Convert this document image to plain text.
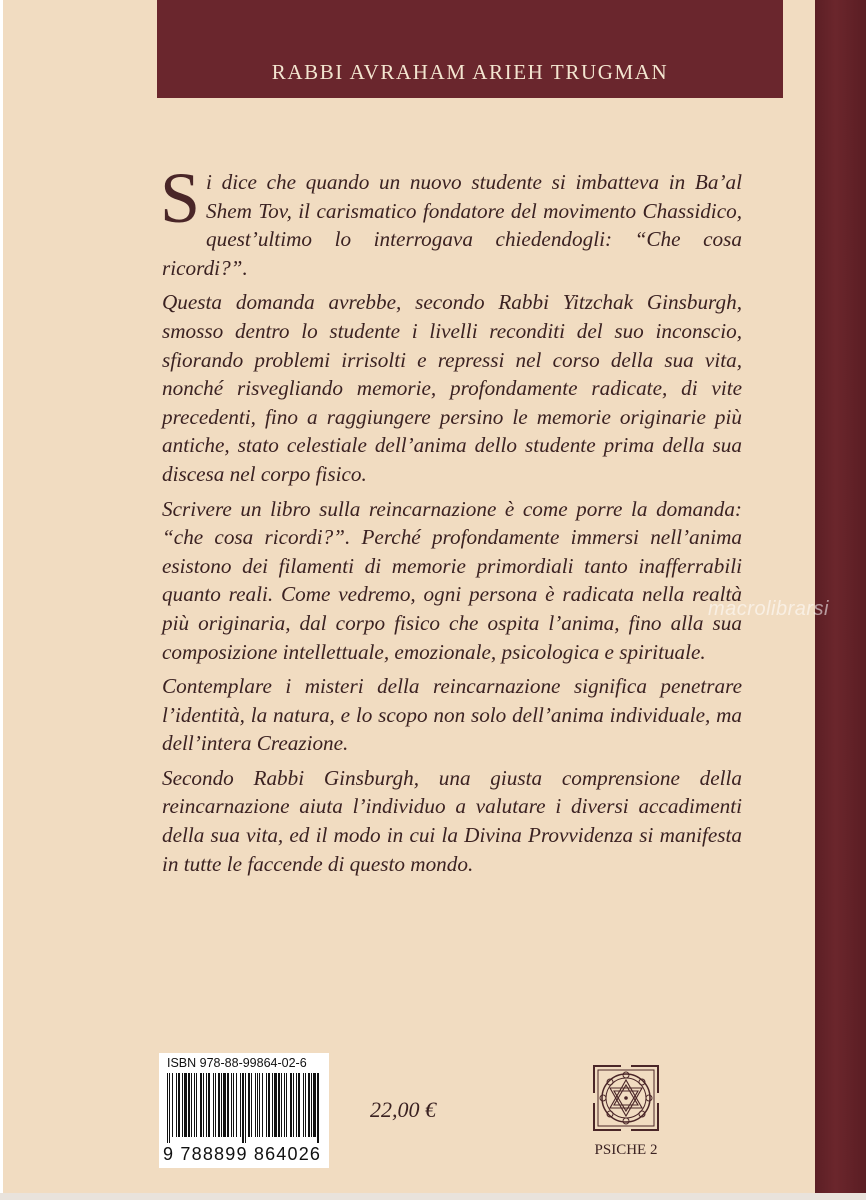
RABBI AVRAHAM ARIEH TRUGMAN

Si dice che quando un nuovo studente si imbatteva in Ba’al Shem Tov, il carismatico fondatore del movimento Chassidico, quest’ultimo lo interrogava chiedendogli: “Che cosa ricordi?”.

Questa domanda avrebbe, secondo Rabbi Yitzchak Ginsburgh, smosso dentro lo studente i livelli reconditi del suo inconscio, sfiorando problemi irrisolti e repressi nel corso della sua vita, nonché risvegliando memorie, profondamente radicate, di vite precedenti, fino a raggiungere persino le memorie originarie più antiche, stato celestiale dell’anima dello studente prima della sua discesa nel corpo fisico.

Scrivere un libro sulla reincarnazione è come porre la domanda: “che cosa ricordi?”. Perché profondamente immersi nell’anima esistono dei filamenti di memorie primordiali tanto inafferrabili quanto reali. Come vedremo, ogni persona è radicata nella realtà più originaria, dal corpo fisico che ospita l’anima, fino alla sua composizione intellettuale, emozionale, psicologica e spirituale.

Contemplare i misteri della reincarnazione significa penetrare l’identità, la natura, e lo scopo non solo dell’anima individuale, ma dell’intera Creazione.

Secondo Rabbi Ginsburgh, una giusta comprensione della reincarnazione aiuta l’individuo a valutare i diversi accadimenti della sua vita, ed il modo in cui la Divina Provvidenza si manifesta in tutte le faccende di questo mondo.

macrolibrarsi
ISBN 978-88-99864-02-6
9 788899 864026
22,00 €
PSICHE 2
